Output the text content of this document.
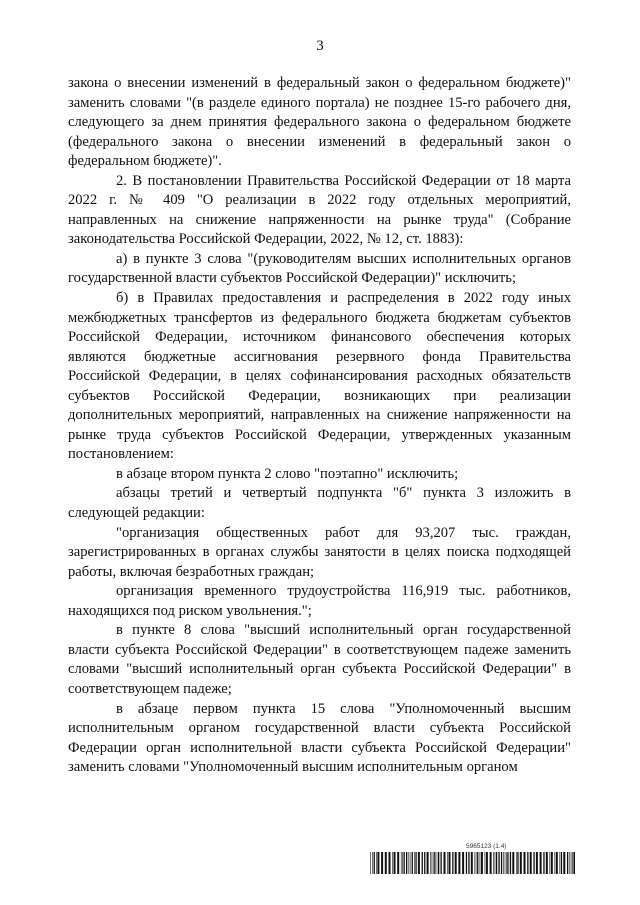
3

закона о внесении изменений в федеральный закон о федеральном бюджете)" заменить словами "(в разделе единого портала) не позднее 15-го рабочего дня, следующего за днем принятия федерального закона о федеральном бюджете (федерального закона о внесении изменений в федеральный закон о федеральном бюджете)".

2. В постановлении Правительства Российской Федерации от 18 марта 2022 г. № 409 "О реализации в 2022 году отдельных мероприятий, направленных на снижение напряженности на рынке труда" (Собрание законодательства Российской Федерации, 2022, № 12, ст. 1883):

а) в пункте 3 слова "(руководителям высших исполнительных органов государственной власти субъектов Российской Федерации)" исключить;

б) в Правилах предоставления и распределения в 2022 году иных межбюджетных трансфертов из федерального бюджета бюджетам субъектов Российской Федерации, источником финансового обеспечения которых являются бюджетные ассигнования резервного фонда Правительства Российской Федерации, в целях софинансирования расходных обязательств субъектов Российской Федерации, возникающих при реализации дополнительных мероприятий, направленных на снижение напряженности на рынке труда субъектов Российской Федерации, утвержденных указанным постановлением:

в абзаце втором пункта 2 слово "поэтапно" исключить;

абзацы третий и четвертый подпункта "б" пункта 3 изложить в следующей редакции:

"организация общественных работ для 93,207 тыс. граждан, зарегистрированных в органах службы занятости в целях поиска подходящей работы, включая безработных граждан;

организация временного трудоустройства 116,919 тыс. работников, находящихся под риском увольнения.";

в пункте 8 слова "высший исполнительный орган государственной власти субъекта Российской Федерации" в соответствующем падеже заменить словами "высший исполнительный орган субъекта Российской Федерации" в соответствующем падеже;

в абзаце первом пункта 15 слова "Уполномоченный высшим исполнительным органом государственной власти субъекта Российской Федерации орган исполнительной власти субъекта Российской Федерации" заменить словами "Уполномоченный высшим исполнительным органом

5965123 (1.4)
